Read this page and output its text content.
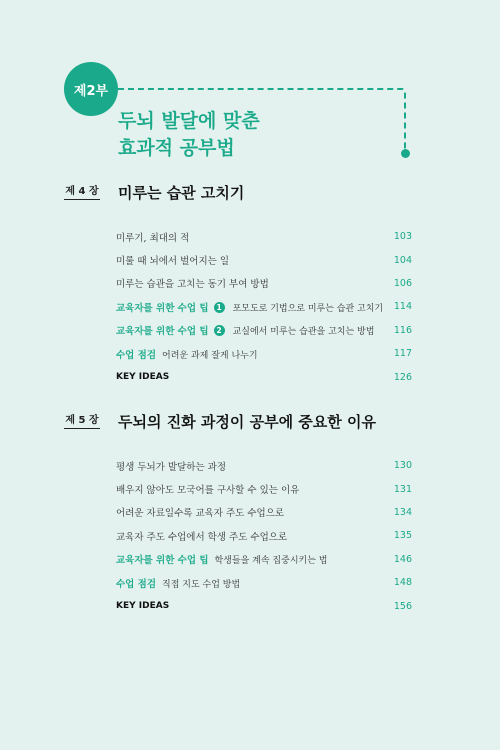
제2부
두뇌 발달에 맞춘
효과적 공부법
제 4 장 미루는 습관 고치기
미루기, 최대의 적	103
미룰 때 뇌에서 벌어지는 일	104
미루는 습관을 고치는 동기 부여 방법	106
교육자를 위한 수업 팁 1 포모도로 기법으로 미루는 습관 고치기	114
교육자를 위한 수업 팁 2 교실에서 미루는 습관을 고치는 방법	116
수업 점검 어려운 과제 잘게 나누기	117
KEY IDEAS	126
제 5 장 두뇌의 진화 과정이 공부에 중요한 이유
평생 두뇌가 발달하는 과정	130
배우지 않아도 모국어를 구사할 수 있는 이유	131
어려운 자료일수록 교육자 주도 수업으로	134
교육자 주도 수업에서 학생 주도 수업으로	135
교육자를 위한 수업 팁 학생들을 계속 집중시키는 법	146
수업 점검 직접 지도 수업 방법	148
KEY IDEAS	156
